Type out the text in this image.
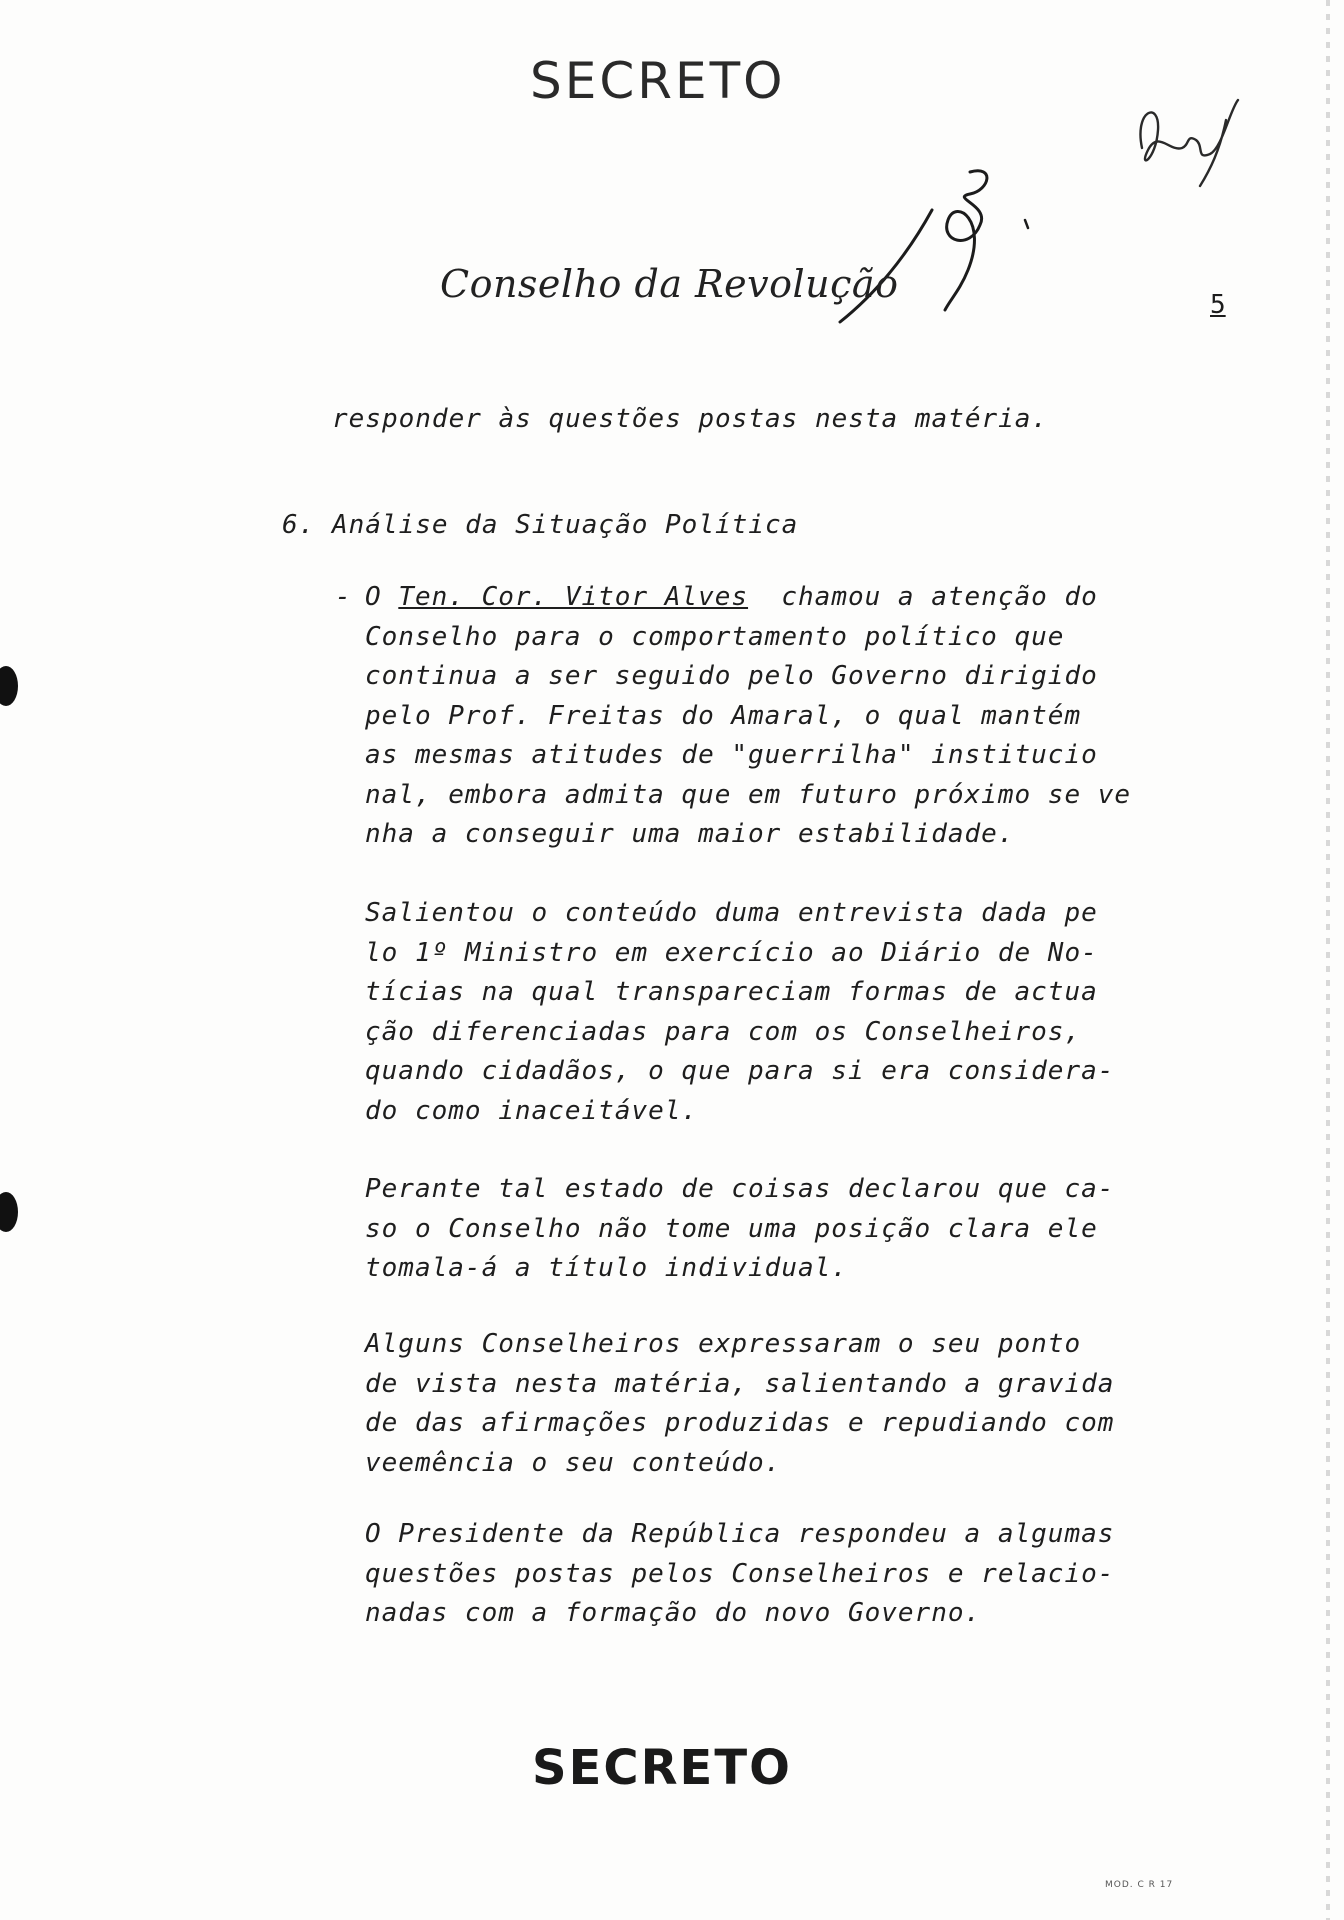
SECRETO
Conselho da Revolução	5
responder às questões postas nesta matéria.
6. Análise da Situação Política
- O Ten. Cor. Vitor Alves chamou a atenção do
Conselho para o comportamento político que
continua a ser seguido pelo Governo dirigido
pelo Prof. Freitas do Amaral, o qual mantém
as mesmas atitudes de "guerrilha" institucio
nal, embora admita que em futuro próximo se ve
nha a conseguir uma maior estabilidade.
Salientou o conteúdo duma entrevista dada pe
lo 1º Ministro em exercício ao Diário de No-
tícias na qual transpareciam formas de actua
ção diferenciadas para com os Conselheiros,
quando cidadãos, o que para si era considera-
do como inaceitável.
Perante tal estado de coisas declarou que ca-
so o Conselho não tome uma posição clara ele
tomala-á a título individual.
Alguns Conselheiros expressaram o seu ponto
de vista nesta matéria, salientando a gravida
de das afirmações produzidas e repudiando com
veemência o seu conteúdo.
O Presidente da República respondeu a algumas
questões postas pelos Conselheiros e relacio-
nadas com a formação do novo Governo.
SECRETO
MOD. C R 17
